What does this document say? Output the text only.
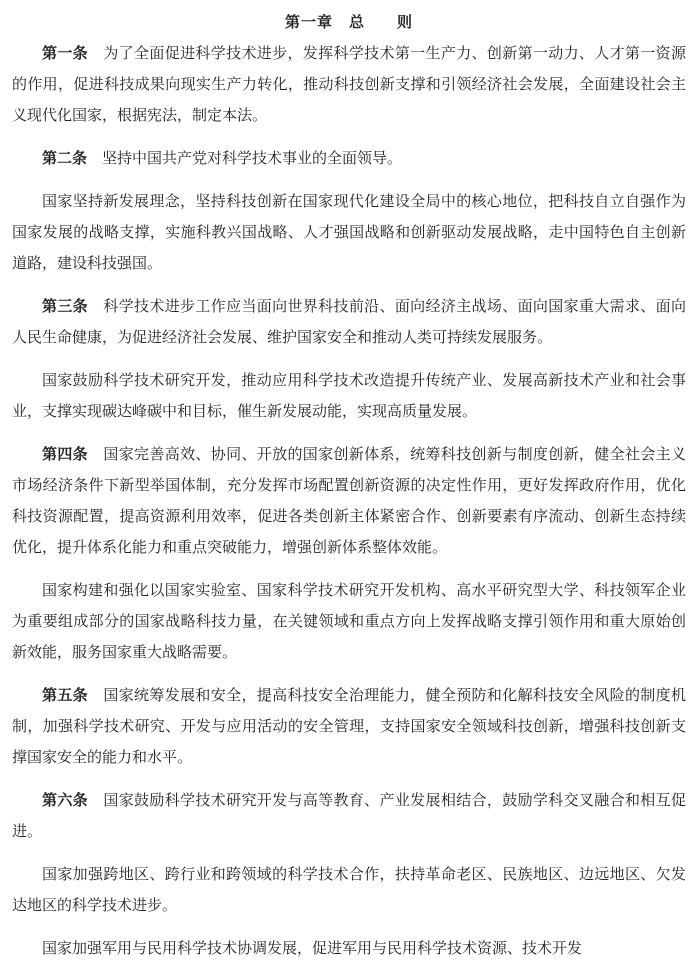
第一章　总　　则

第一条　 为了全面促进科学技术进步，发挥科学技术第一生产力、创新第一动力、人才第一资源的作用，促进科技成果向现实生产力转化，推动科技创新支撑和引领经济社会发展，全面建设社会主义现代化国家，根据宪法，制定本法。

第二条　 坚持中国共产党对科学技术事业的全面领导。

国家坚持新发展理念，坚持科技创新在国家现代化建设全局中的核心地位，把科技自立自强作为国家发展的战略支撑，实施科教兴国战略、人才强国战略和创新驱动发展战略，走中国特色自主创新道路，建设科技强国。

第三条　 科学技术进步工作应当面向世界科技前沿、面向经济主战场、面向国家重大需求、面向人民生命健康，为促进经济社会发展、维护国家安全和推动人类可持续发展服务。

国家鼓励科学技术研究开发，推动应用科学技术改造提升传统产业、发展高新技术产业和社会事业，支撑实现碳达峰碳中和目标，催生新发展动能，实现高质量发展。

第四条　 国家完善高效、协同、开放的国家创新体系，统筹科技创新与制度创新，健全社会主义市场经济条件下新型举国体制，充分发挥市场配置创新资源的决定性作用，更好发挥政府作用，优化科技资源配置，提高资源利用效率，促进各类创新主体紧密合作、创新要素有序流动、创新生态持续优化，提升体系化能力和重点突破能力，增强创新体系整体效能。

国家构建和强化以国家实验室、国家科学技术研究开发机构、高水平研究型大学、科技领军企业为重要组成部分的国家战略科技力量，在关键领域和重点方向上发挥战略支撑引领作用和重大原始创新效能，服务国家重大战略需要。

第五条　 国家统筹发展和安全，提高科技安全治理能力，健全预防和化解科技安全风险的制度机制，加强科学技术研究、开发与应用活动的安全管理，支持国家安全领域科技创新，增强科技创新支撑国家安全的能力和水平。

第六条　 国家鼓励科学技术研究开发与高等教育、产业发展相结合，鼓励学科交叉融合和相互促进。

国家加强跨地区、跨行业和跨领域的科学技术合作，扶持革命老区、民族地区、边远地区、欠发达地区的科学技术进步。

国家加强军用与民用科学技术协调发展，促进军用与民用科学技术资源、技术开发
